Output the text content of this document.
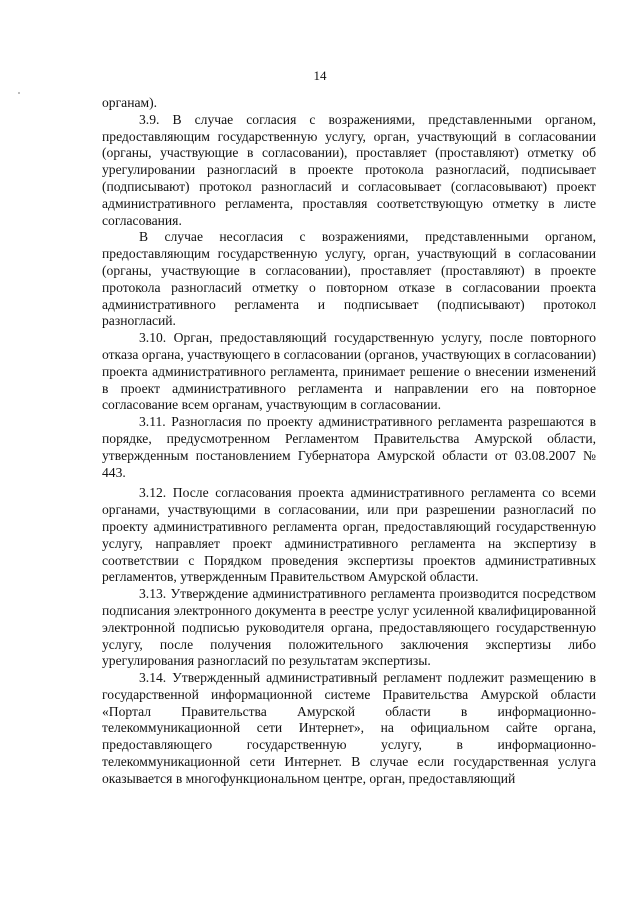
14

органам).

3.9. В случае согласия с возражениями, представленными органом, предоставляющим государственную услугу, орган, участвующий в согласовании (органы, участвующие в согласовании), проставляет (проставляют) отметку об урегулировании разногласий в проекте протокола разногласий, подписывает (подписывают) протокол разногласий и согласовывает (согласовывают) проект административного регламента, проставляя соответствующую отметку в листе согласования.

В случае несогласия с возражениями, представленными органом, предоставляющим государственную услугу, орган, участвующий в согласовании (органы, участвующие в согласовании), проставляет (проставляют) в проекте протокола разногласий отметку о повторном отказе в согласовании проекта административного регламента и подписывает (подписывают) протокол разногласий.

3.10. Орган, предоставляющий государственную услугу, после повторного отказа органа, участвующего в согласовании (органов, участвующих в согласовании) проекта административного регламента, принимает решение о внесении изменений в проект административного регламента и направлении его на повторное согласование всем органам, участвующим в согласовании.

3.11. Разногласия по проекту административного регламента разрешаются в порядке, предусмотренном Регламентом Правительства Амурской области, утвержденным постановлением Губернатора Амурской области от 03.08.2007 № 443.

3.12. После согласования проекта административного регламента со всеми органами, участвующими в согласовании, или при разрешении разногласий по проекту административного регламента орган, предоставляющий государственную услугу, направляет проект административного регламента на экспертизу в соответствии с Порядком проведения экспертизы проектов административных регламентов, утвержденным Правительством Амурской области.

3.13. Утверждение административного регламента производится посредством подписания электронного документа в реестре услуг усиленной квалифицированной электронной подписью руководителя органа, предоставляющего государственную услугу, после получения положительного заключения экспертизы либо урегулирования разногласий по результатам экспертизы.

3.14. Утвержденный административный регламент подлежит размещению в государственной информационной системе Правительства Амурской области «Портал Правительства Амурской области в информационно-телекоммуникационной сети Интернет», на официальном сайте органа, предоставляющего государственную услугу, в информационно-телекоммуникационной сети Интернет. В случае если государственная услуга оказывается в многофункциональном центре, орган, предоставляющий
